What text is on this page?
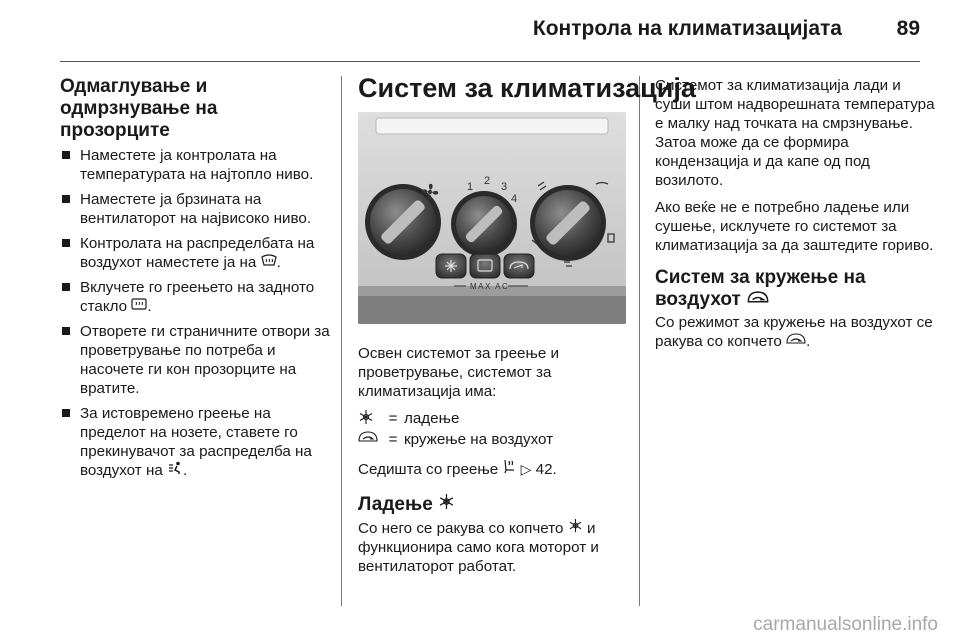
Контрола на климатизацијата	89
Одмаглување и одмрзнување на прозорците
Наместете ја контролата на температурата на најтопло ниво.
Наместете ја брзината на вентилаторот на највисоко ниво.
Контролата на распределбата на воздухот наместете ја на .
Вклучете го греењето на задното стакло .
Отворете ги страничните отвори за проветрување по потреба и насочете ги кон прозорците на вратите.
За истовремено греење на пределот на нозете, ставете го прекинувачот за распределба на воздухот на .
Систем за климатизација
1 2 3
4
MAX AC

Освен системот за греење и проветрување, системот за климатизација има:

= ладење
= кружење на воздухот

Седишта со греење ▷ 42.

Ладење

Со него се ракува со копчето и функционира само кога моторот и вентилаторот работат.

Системот за климатизација лади и суши штом надворешната температура е малку над точката на смрзнување. Затоа може да се формира кондензација и да капе од под возилото.

Ако веќе не е потребно ладење или сушење, исклучете го системот за климатизација за да заштедите гориво.

Систем за кружење на воздухот

Со режимот за кружење на воздухот се ракува со копчето .

carmanualsonline.info
